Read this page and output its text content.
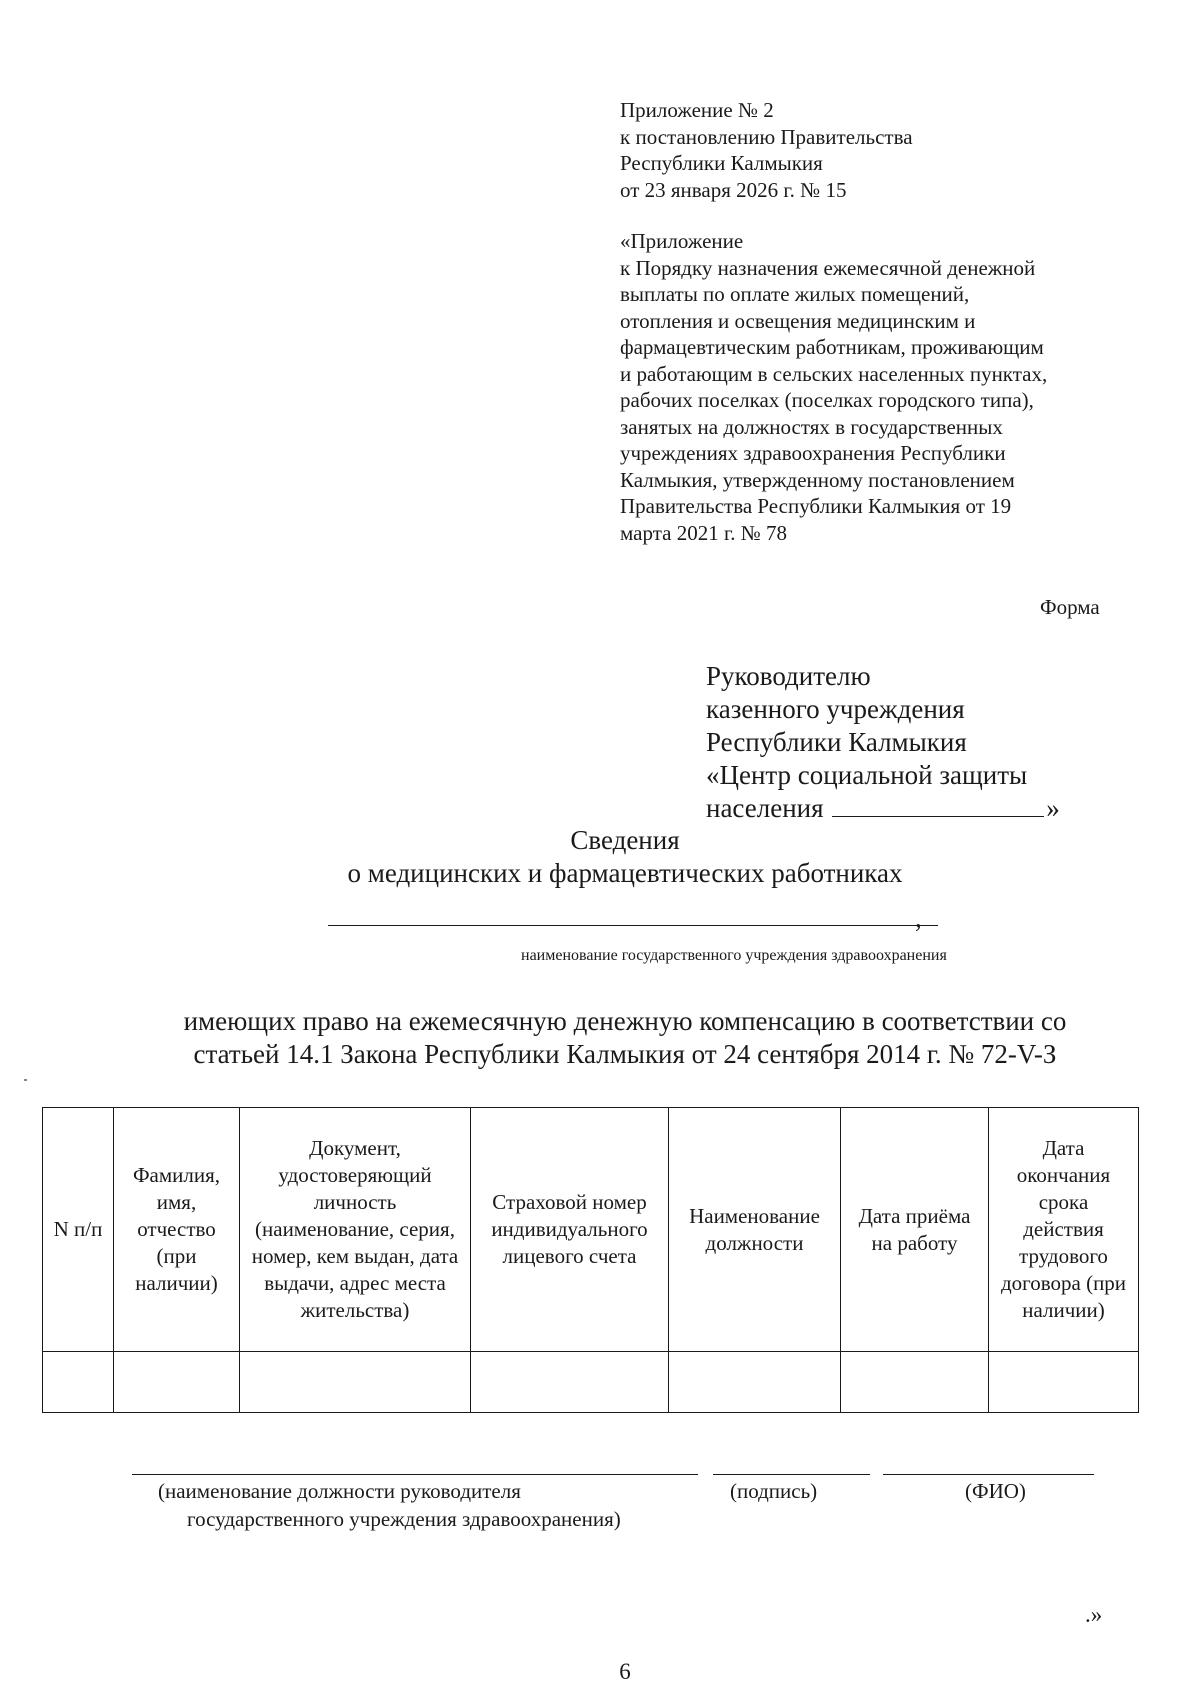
Приложение № 2
к постановлению Правительства
Республики Калмыкия
от 23 января 2026 г. № 15
«Приложение
к Порядку назначения ежемесячной денежной
выплаты по оплате жилых помещений,
отопления и освещения медицинским и
фармацевтическим работникам, проживающим
и работающим в сельских населенных пунктах,
рабочих поселках (поселках городского типа),
занятых на должностях в государственных
учреждениях здравоохранения Республики
Калмыкия, утвержденному постановлением
Правительства Республики Калмыкия от 19
марта 2021 г. № 78
Форма
Руководителю
казенного учреждения
Республики Калмыкия
«Центр социальной защиты
населения	»
Сведения
о медицинских и фармацевтических работниках
,
наименование государственного учреждения здравоохранения
имеющих право на ежемесячную денежную компенсацию в соответствии со
статьей 14.1 Закона Республики Калмыкия от 24 сентября 2014 г. № 72-V-З
N п/п	Фамилия, имя, отчество (при наличии)	Документ, удостоверяющий личность (наименование, серия, номер, кем выдан, дата выдачи, адрес места жительства)	Страховой номер индивидуального лицевого счета	Наименование должности	Дата приёма на работу	Дата окончания срока действия трудового договора (при наличии)

(наименование должности руководителя
государственного учреждения здравоохранения)
(подпись)	(ФИО)
.»
6
